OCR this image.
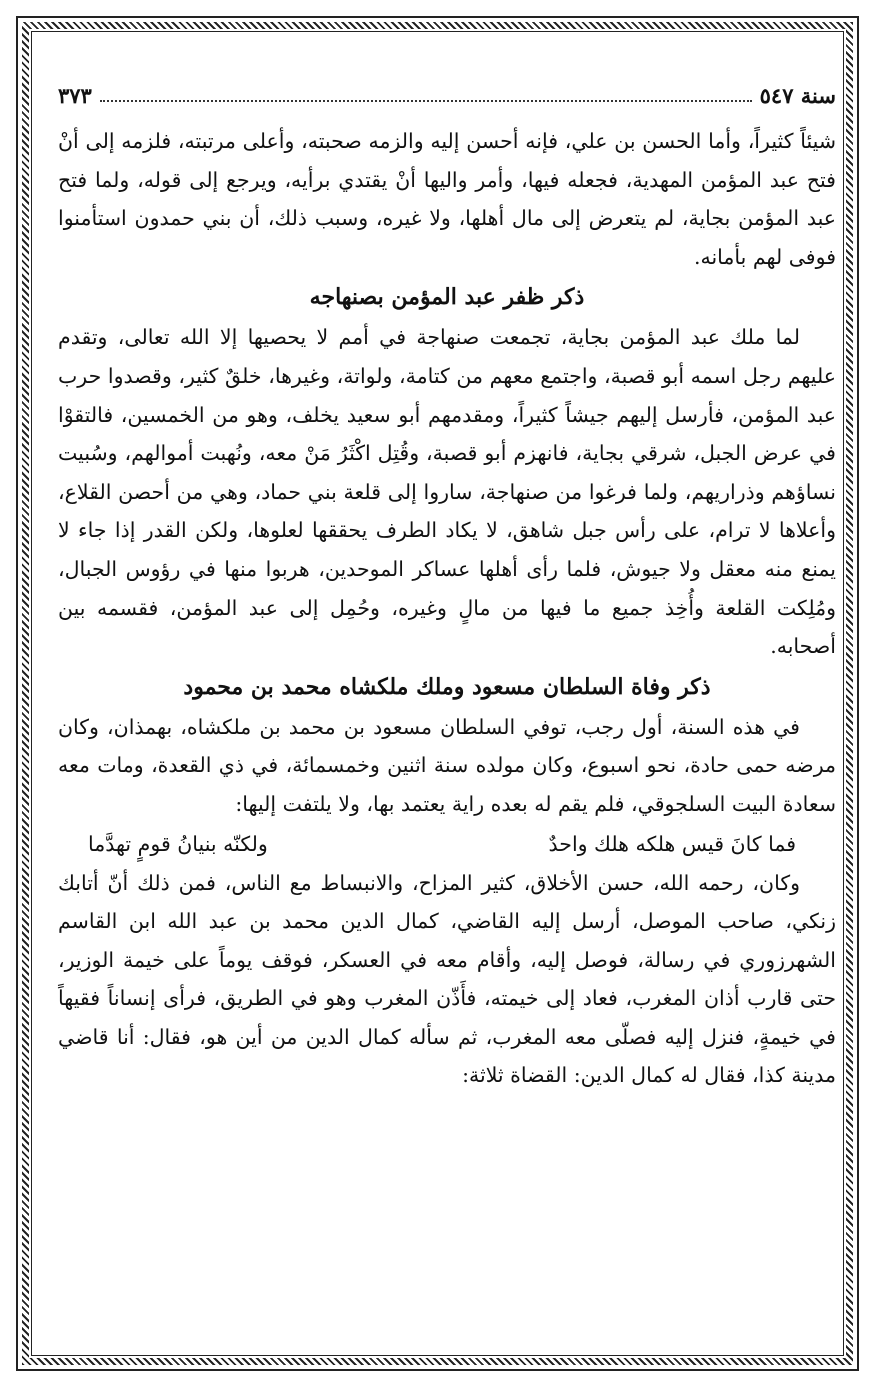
سنة ٥٤٧
٣٧٣

شيئاً كثيراً، وأما الحسن بن علي، فإنه أحسن إليه والزمه صحبته، وأعلى مرتبته، فلزمه إلى أنْ فتح عبد المؤمن المهدية، فجعله فيها، وأمر واليها أنْ يقتدي برأيه، ويرجع إلى قوله، ولما فتح عبد المؤمن بجاية، لم يتعرض إلى مال أهلها، ولا غيره، وسبب ذلك، أن بني حمدون استأمنوا فوفى لهم بأمانه.

ذكر ظفر عبد المؤمن بصنهاجه

لما ملك عبد المؤمن بجاية، تجمعت صنهاجة في أمم لا يحصيها إلا الله تعالى، وتقدم عليهم رجل اسمه أبو قصبة، واجتمع معهم من كتامة، ولواتة، وغيرها، خلقٌ كثير، وقصدوا حرب عبد المؤمن، فأرسل إليهم جيشاً كثيراً، ومقدمهم أبو سعيد يخلف، وهو من الخمسين، فالتقوْا في عرض الجبل، شرقي بجاية، فانهزم أبو قصبة، وقُتِل اكْثَرُ مَنْ معه، ونُهبت أموالهم، وسُبيت نساؤهم وذراريهم، ولما فرغوا من صنهاجة، ساروا إلى قلعة بني حماد، وهي من أحصن القلاع، وأعلاها لا ترام، على رأس جبل شاهق، لا يكاد الطرف يحققها لعلوها، ولكن القدر إذا جاء لا يمنع منه معقل ولا جيوش، فلما رأى أهلها عساكر الموحدين، هربوا منها في رؤوس الجبال، ومُلِكت القلعة وأُخِذ جميع ما فيها من مالٍ وغيره، وحُمِل إلى عبد المؤمن، فقسمه بين أصحابه.

ذكر وفاة السلطان مسعود وملك ملكشاه محمد بن محمود

في هذه السنة، أول رجب، توفي السلطان مسعود بن محمد بن ملكشاه، بهمذان، وكان مرضه حمى حادة، نحو اسبوع، وكان مولده سنة اثنين وخمسمائة، في ذي القعدة، ومات معه سعادة البيت السلجوقي، فلم يقم له بعده راية يعتمد بها، ولا يلتفت إليها:

فما كانَ قيس هلكه هلك واحدٌ
ولكنّه بنيانُ قومٍ تهدَّما

وكان، رحمه الله، حسن الأخلاق، كثير المزاح، والانبساط مع الناس، فمن ذلك أنّ أتابك زنكي، صاحب الموصل، أرسل إليه القاضي، كمال الدين محمد بن عبد الله ابن القاسم الشهرزوري في رسالة، فوصل إليه، وأقام معه في العسكر، فوقف يوماً على خيمة الوزير، حتى قارب أذان المغرب، فعاد إلى خيمته، فأَذّن المغرب وهو في الطريق، فرأى إنساناً فقيهاً في خيمةٍ، فنزل إليه فصلّى معه المغرب، ثم سأله كمال الدين من أين هو، فقال: أنا قاضي مدينة كذا، فقال له كمال الدين: القضاة ثلاثة:
